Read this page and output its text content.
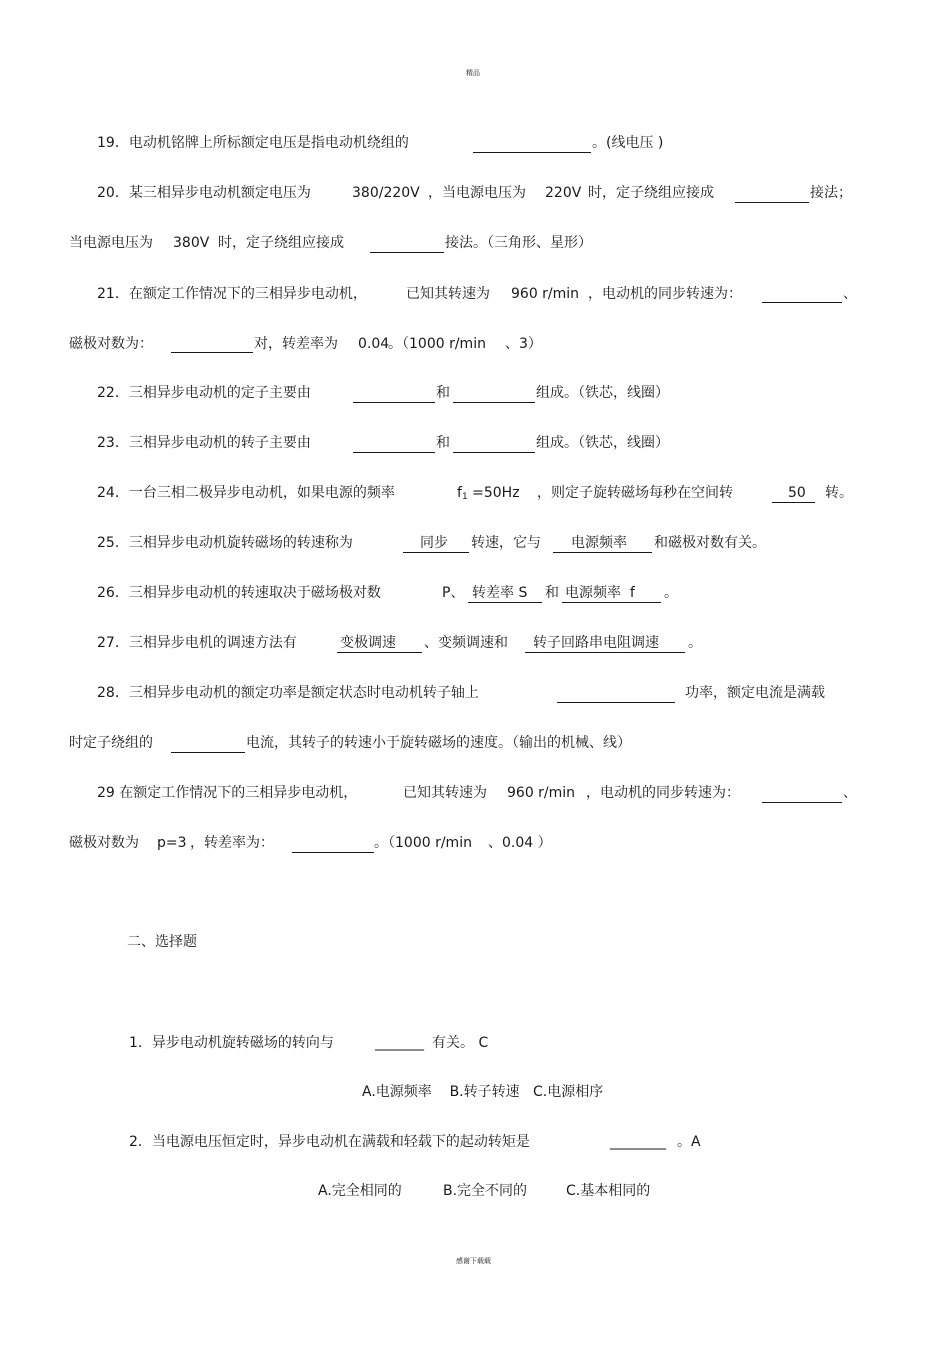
精品
19．电动机铭牌上所标额定电压是指电动机绕组的	。(线电压 )
20．某三相异步电动机额定电压为	380/220V ，当电源电压为 220V 时，定子绕组应接成	接法；
当电源电压为 380V 时，定子绕组应接成	接法。（三角形、星形）
21．在额定工作情况下的三相异步电动机，	已知其转速为 960 r/min ，电动机的同步转速为：	、
磁极对数为：	对，转差率为 0.04
。（1000 r/min 、3）
22．三相异步电动机的定子主要由	和	组成。（铁芯，线圈）
23．三相异步电动机的转子主要由	和	组成。（铁芯，线圈）
24．一台三相二极异步电动机，如果电源的频率	$f_1 =50Hz$ ，则定子旋转磁场每秒在空间转	50 转。
25．三相异步电动机旋转磁场的转速称为	同步 转速，它与 电源频率 和磁极对数有关。
26．三相异步电动机的转速取决于磁场极对数	P、 转差率 S 和 电源频率  f 。
27．三相异步电机的调速方法有	变极调速 、变频调速和 转子回路串电阻调速 。
28．三相异步电动机的额定功率是额定状态时电动机转子轴上	功率，额定电流是满载
时定子绕组的	电流，其转子的转速小于旋转磁场的速度。（输出的机械、线）
29 在额定工作情况下的三相异步电动机，	已知其转速为 960 r/min ，电动机的同步转速为：	、
磁极对数为 p=3 ，转差率为：	。（1000 r/min 、0.04 ）
二、选择题
1．异步电动机旋转磁场的转向与	_______ 有关。 C
A.电源频率    B.转子转速   C.电源相序
2．当电源电压恒定时，异步电动机在满载和轻载下的起动转矩是	________ 。A
A.完全相同的	B.完全不同的	C.基本相同的
感谢下载载
